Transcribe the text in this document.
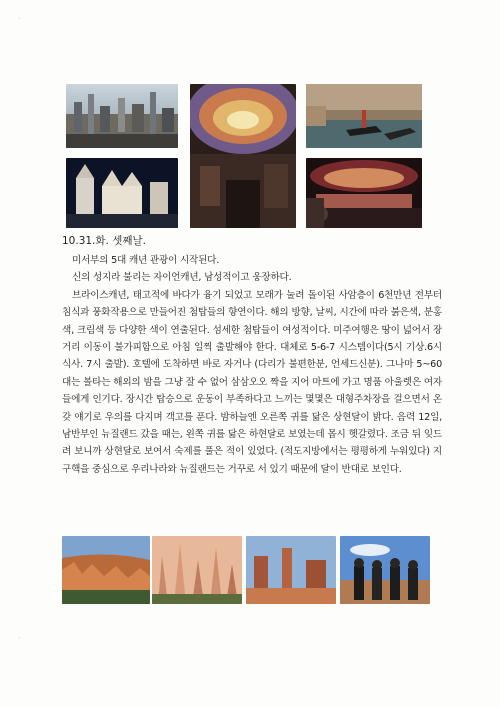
·
·
10.31.화. 셋째날.

미서부의 5대 캐년 관광이 시작된다.

신의 성지라 불리는 자이언캐년, 남성적이고 웅장하다.

브라이스캐년, 태고적에 바다가 융기 되었고 모래가 눌려 돌이된 사암층이 6천만년 전부터 침식과 풍화작용으로 만들어진 첨탑들의 향연이다. 해의 방향, 날씨, 시간에 따라 붉은색, 분홍색, 크림색 등 다양한 색이 연출된다. 섬세한 첨탑들이 여성적이다. 미주여행은 땅이 넓어서 장거리 이동이 불가피함으로 아침 일찍 출발해야 한다. 대체로 5-6-7 시스템이다(5시 기상.6시 식사. 7시 출발). 호텔에 도착하면 바로 자거나 (다리가 불편한분, 언세드신분). 그나마 5~60대는 볼타는 해외의 밤을 그냥 잘 수 없어 삼삼오오 짝을 지어 마트에 가고 명품 아울렛은 여자들에게 인기다. 장시간 탑승으로 운동이 부족하다고 느끼는 몇몇은 대형주차장을 걸으면서 온갖 얘기로 우의를 다지며 객고를 푼다. 밤하늘엔 오른쪽 귀를 닮은 상현달이 밝다. 음력 12일, 남반부인 뉴질랜드 갔을 때는, 왼쪽 귀를 닮은 하현달로 보였는데 몹시 헷갈렸다. 조금 뒤 잊드려 보니까 상현달로 보여서 숙제를 풀은 적이 있었다. (적도지방에서는 평평하게 누워있다) 지구핵을 중심으로 우리나라와 뉴질랜드는 거꾸로 서 있기 때문에 달이 반대로 보인다.
